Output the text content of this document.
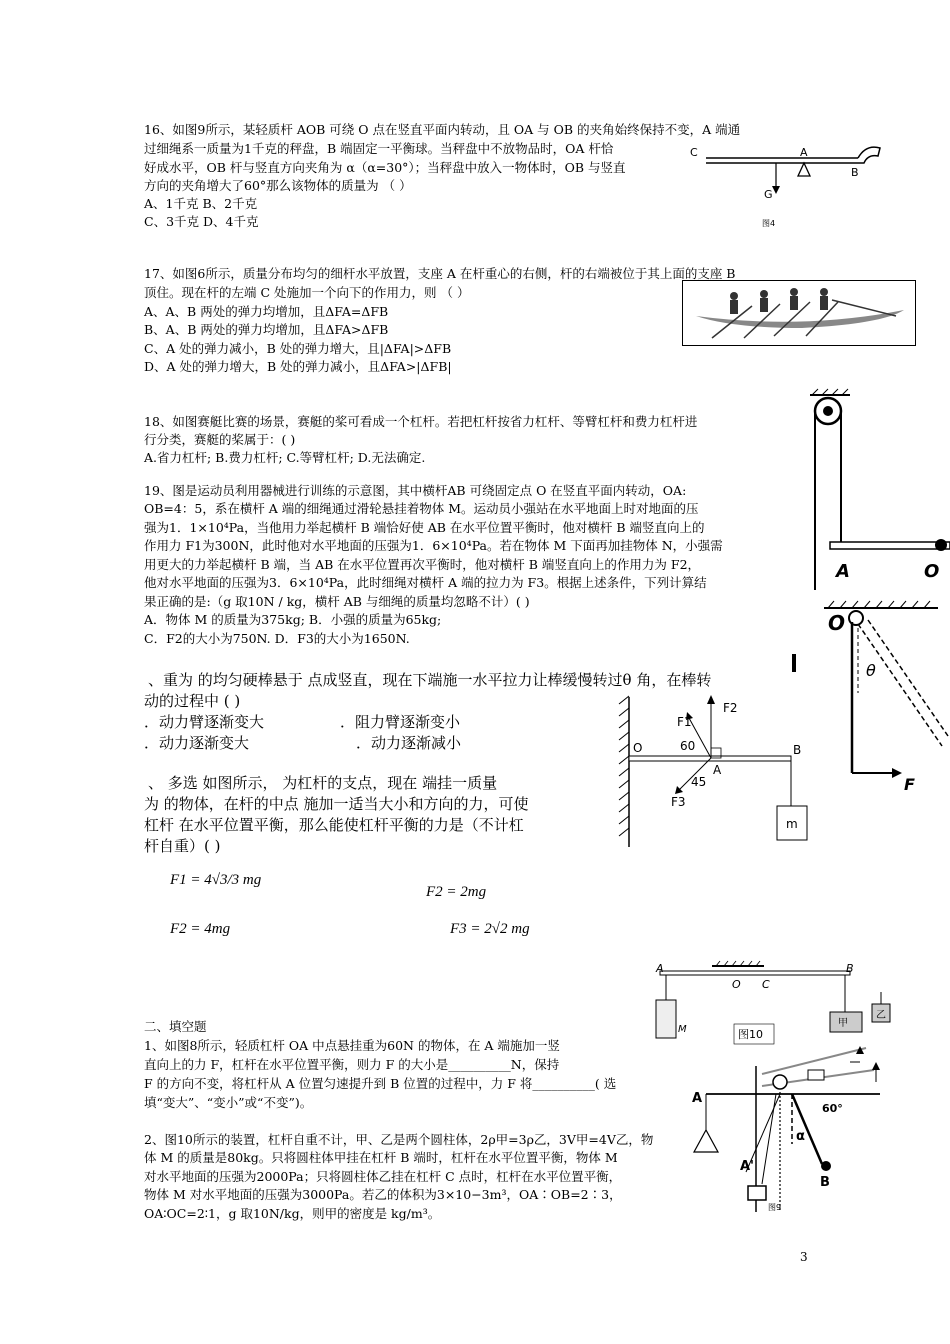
16、如图9所示，某轻质杆 AOB 可绕 O 点在竖直平面内转动，且 OA 与 OB 的夹角始终保持不变，A 端通
过细绳系一质量为1千克的秤盘，B 端固定一平衡球。当秤盘中不放物品时，OA 杆恰
好成水平，OB 杆与竖直方向夹角为 α（α=30°）；当秤盘中放入一物体时，OB 与竖直
方向的夹角增大了60°那么该物体的质量为 （ ）
A、1千克 B、2千克
C、3千克 D、4千克
C	A
B
G
图4
17、如图6所示，质量分布均匀的细杆水平放置，支座 A 在杆重心的右侧，杆的右端被位于其上面的支座 B
顶住。现在杆的左端 C 处施加一个向下的作用力，则 （ ）
A、A、B 两处的弹力均增加，且ΔFA=ΔFB
B、A、B 两处的弹力均增加，且ΔFA>ΔFB
C、A 处的弹力减小，B 处的弹力增大，且|ΔFA|>ΔFB
D、A 处的弹力增大，B 处的弹力减小，且ΔFA>|ΔFB|
18、如图赛艇比赛的场景，赛艇的桨可看成一个杠杆。若把杠杆按省力杠杆、等臂杠杆和费力杠杆进
行分类，赛艇的桨属于：( )
A.省力杠杆; B.费力杠杆; C.等臂杠杆; D.无法确定.
A	O
19、图是运动员利用器械进行训练的示意图，其中横杆AB 可绕固定点 O 在竖直平面内转动，OA:
OB=4：5，系在横杆 A 端的细绳通过滑轮悬挂着物体 M。运动员小强站在水平地面上时对地面的压
强为1．1×10⁴Pa，当他用力举起横杆 B 端恰好使 AB 在水平位置平衡时，他对横杆 B 端竖直向上的
作用力 F1为300N，此时他对水平地面的压强为1．6×10⁴Pa。若在物体 M 下面再加挂物体 N，小强需
用更大的力举起横杆 B 端，当 AB 在水平位置再次平衡时，他对横杆 B 端竖直向上的作用力为 F2，
他对水平地面的压强为3．6×10⁴Pa，此时细绳对横杆 A 端的拉力为 F3。根据上述条件，下列计算结
果正确的是:（g 取10N / kg，横杆 AB 与细绳的质量均忽略不计）( )
A．物体 M 的质量为375kg; B．小强的质量为65kg;
C．F2的大小为750N. D．F3的大小为1650N.
O
θ
F
、重为 的均匀硬棒悬于 点成竖直，现在下端施一水平拉力让棒缓慢转过θ 角，在棒转
动的过程中 ( )
．动力臂逐渐变大	．阻力臂逐渐变小
．动力逐渐变大	．动力逐渐减小	O
A
B
60
45
F1
F2
F3
m
、 多选 如图所示， 为杠杆的支点，现在 端挂一质量
为 的物体，在杆的中点 施加一适当大小和方向的力，可使
杠杆 在水平位置平衡，那么能使杠杆平衡的力是（不计杠
杆自重）( )
F1 = 4√3/3 mg
F2 = 2mg
F2 = 4mg	F3 = 2√2 mg
A
O C
B
M
甲
乙
图10
A
A'
B
α
60°
图9
二、填空题
1、如图8所示，轻质杠杆 OA 中点悬挂重为60N 的物体，在 A 端施加一竖
直向上的力 F，杠杆在水平位置平衡，则力 F 的大小是__________N，保持
F 的方向不变，将杠杆从 A 位置匀速提升到 B 位置的过程中，力 F 将__________( 选
填“变大”、“变小”或“不变”)。
2、图10所示的装置，杠杆自重不计，甲、乙是两个圆柱体，2ρ甲=3ρ乙，3V甲=4V乙，物
体 M 的质量是80kg。只将圆柱体甲挂在杠杆 B 端时，杠杆在水平位置平衡，物体 M
对水平地面的压强为2000Pa；只将圆柱体乙挂在杠杆 C 点时，杠杆在水平位置平衡，
物体 M 对水平地面的压强为3000Pa。若乙的体积为3×10−3m³，OA∶OB=2∶3，
OA∶OC=2∶1，g 取10N/kg，则甲的密度是 kg/m³。
3
